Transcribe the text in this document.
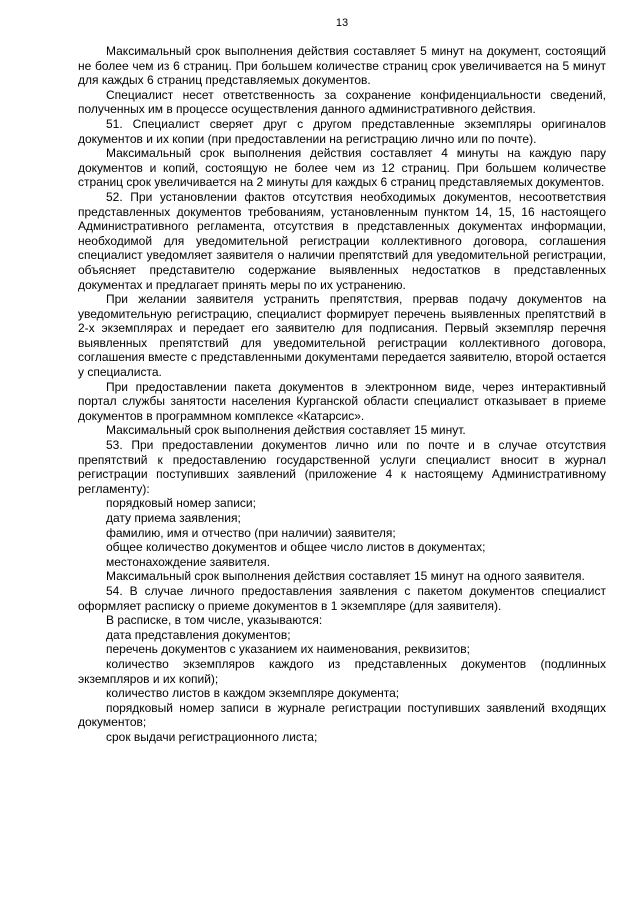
13

Максимальный срок выполнения действия составляет 5 минут на документ, состоящий не более чем из 6 страниц. При большем количестве страниц срок увеличивается на 5 минут для каждых 6 страниц представляемых документов.

Специалист несет ответственность за сохранение конфиденциальности сведений, полученных им в процессе осуществления данного административного действия.

51. Специалист сверяет друг с другом представленные экземпляры оригиналов документов и их копии (при предоставлении на регистрацию лично или по почте).

Максимальный срок выполнения действия составляет 4 минуты на каждую пару документов и копий, состоящую не более чем из 12 страниц. При большем количестве страниц срок увеличивается на 2 минуты для каждых 6 страниц представляемых документов.

52. При установлении фактов отсутствия необходимых документов, несоответствия представленных документов требованиям, установленным пунктом 14, 15, 16 настоящего Административного регламента, отсутствия в представленных документах информации, необходимой для уведомительной регистрации коллективного договора, соглашения специалист уведомляет заявителя о наличии препятствий для уведомительной регистрации, объясняет представителю содержание выявленных недостатков в представленных документах и предлагает принять меры по их устранению.

При желании заявителя устранить препятствия, прервав подачу документов на уведомительную регистрацию, специалист формирует перечень выявленных препятствий в 2-х экземплярах и передает его заявителю для подписания. Первый экземпляр перечня выявленных препятствий для уведомительной регистрации коллективного договора, соглашения вместе с представленными документами передается заявителю, второй остается у специалиста.

При предоставлении пакета документов в электронном виде, через интерактивный портал службы занятости населения Курганской области специалист отказывает в приеме документов в программном комплексе «Катарсис».

Максимальный срок выполнения действия составляет 15 минут.

53. При предоставлении документов лично или по почте и в случае отсутствия препятствий к предоставлению государственной услуги специалист вносит в журнал регистрации поступивших заявлений (приложение 4 к настоящему Административному регламенту):

порядковый номер записи;

дату приема заявления;

фамилию, имя и отчество (при наличии) заявителя;

общее количество документов и общее число листов в документах;

местонахождение заявителя.

Максимальный срок выполнения действия составляет 15 минут на одного заявителя.

54. В случае личного предоставления заявления с пакетом документов специалист оформляет расписку о приеме документов в 1 экземпляре (для заявителя).

В расписке, в том числе, указываются:

дата представления документов;

перечень документов с указанием их наименования, реквизитов;

количество экземпляров каждого из представленных документов (подлинных экземпляров и их копий);

количество листов в каждом экземпляре документа;

порядковый номер записи в журнале регистрации поступивших заявлений входящих документов;

срок выдачи регистрационного листа;
